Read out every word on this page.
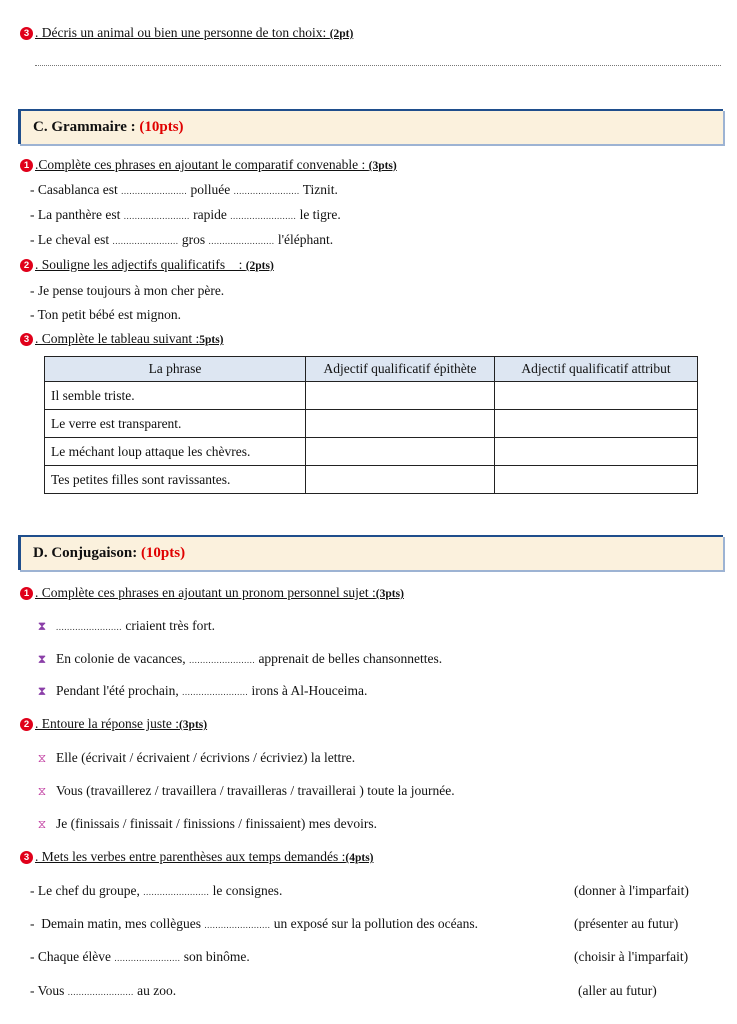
3 . Décris un animal ou bien une personne de ton choix: (2pt)
C. Grammaire : (10pts)
1 .Complète ces phrases en ajoutant le comparatif convenable : (3pts)
- Casablanca est ........................ polluée ........................ Tiznit.
- La panthère est ........................ rapide ........................ le tigre.
- Le cheval est ........................ gros ........................ l'éléphant.
2 . Souligne les adjectifs qualificatifs    : (2pts)
- Je pense toujours à mon cher père.
- Ton petit bébé est mignon.
3 . Complète le tableau suivant :5pts)
La phrase	Adjectif qualificatif épithète	Adjectif qualificatif attribut
Il semble triste.		
Le verre est transparent.		
Le méchant loup attaque les chèvres.		
Tes petites filles sont ravissantes.		
D. Conjugaison: (10pts)
1 . Complète ces phrases en ajoutant un pronom personnel sujet :(3pts)
⧗ ........................ criaient très fort.
⧗ En colonie de vacances, ........................ apprenait de belles chansonnettes.
⧗ Pendant l'été prochain, ........................ irons à Al-Houceima.
2 . Entoure la réponse juste :(3pts)
⧖ Elle (écrivait / écrivaient / écrivions / écriviez) la lettre.
⧖ Vous (travaillerez / travaillera / travailleras / travaillerai ) toute la journée.
⧖ Je (finissais / finissait / finissions / finissaient) mes devoirs.
3 . Mets les verbes entre parenthèses aux temps demandés :(4pts)
- Le chef du groupe, ........................ le consignes.	(donner à l'imparfait)
-  Demain matin, mes collègues ........................ un exposé sur la pollution des océans.	(présenter au futur)
- Chaque élève ........................ son binôme.	(choisir à l'imparfait)
- Vous ........................ au zoo.	(aller au futur)
